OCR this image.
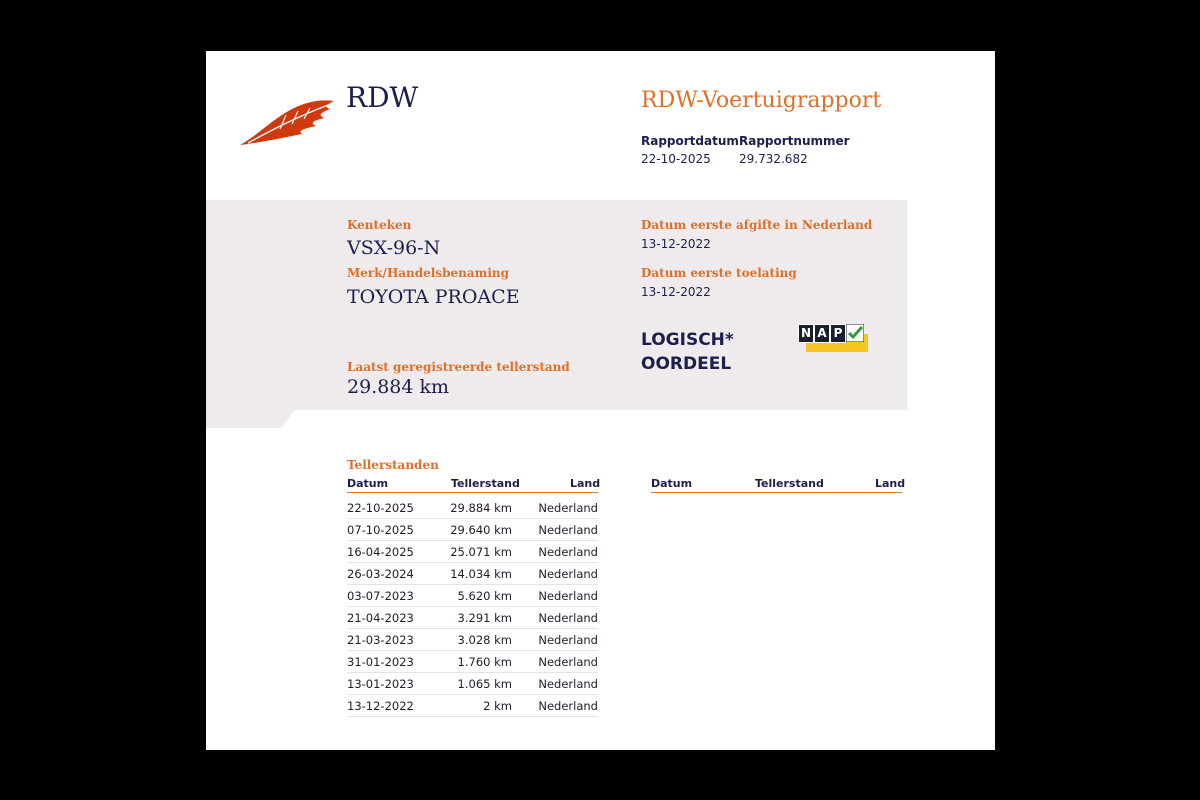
RDW	RDW-Voertuigrapport
Rapportdatum
22-10-2025
Rapportnummer
29.732.682
Kenteken
VSX-96-N
Merk/Handelsbenaming
TOYOTA PROACE
Laatst geregistreerde tellerstand
29.884 km
Datum eerste afgifte in Nederland
13-12-2022
Datum eerste toelating
13-12-2022
LOGISCH*
OORDEEL
N A P
Tellerstanden
Datum	Tellerstand	Land
22-10-2025	29.884 km Nederland
07-10-2025	29.640 km Nederland
16-04-2025	25.071 km Nederland
26-03-2024	14.034 km Nederland
03-07-2023	5.620 km Nederland
21-04-2023	3.291 km Nederland
21-03-2023	3.028 km Nederland
31-01-2023	1.760 km Nederland
13-01-2023	1.065 km Nederland
13-12-2022	2 km Nederland
Datum	Tellerstand	Land
